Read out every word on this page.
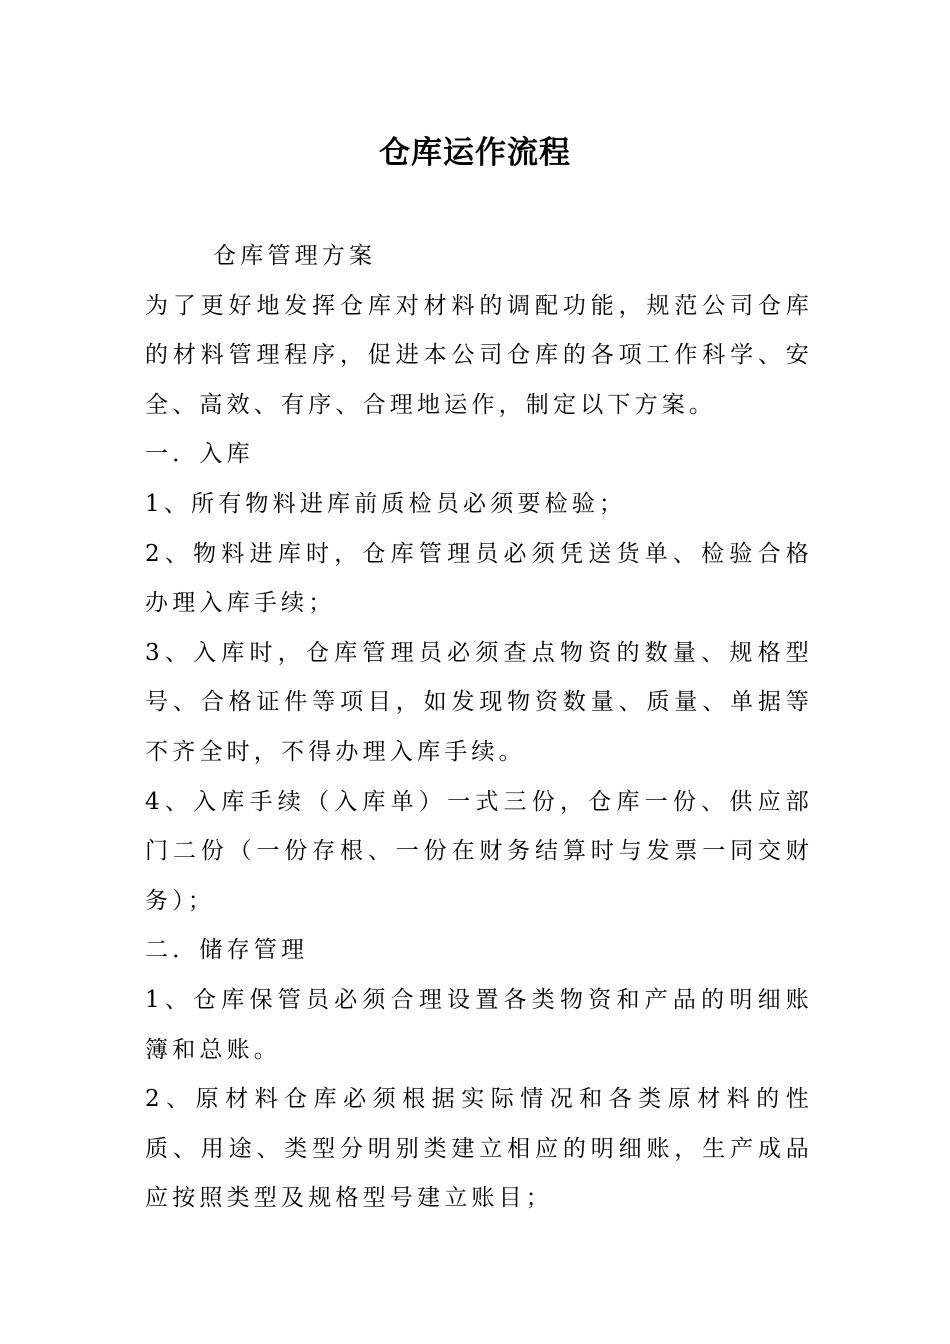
仓库运作流程

仓库管理方案

为了更好地发挥仓库对材料的调配功能，规范公司仓库的材料管理程序，促进本公司仓库的各项工作科学、安全、高效、有序、合理地运作，制定以下方案。

一．入库

1、所有物料进库前质检员必须要检验；

2、物料进库时，仓库管理员必须凭送货单、检验合格办理入库手续；

3、入库时，仓库管理员必须查点物资的数量、规格型号、合格证件等项目，如发现物资数量、质量、单据等不齐全时，不得办理入库手续。

4、入库手续（入库单）一式三份，仓库一份、供应部门二份（一份存根、一份在财务结算时与发票一同交财务）；

二．储存管理

1、仓库保管员必须合理设置各类物资和产品的明细账簿和总账。

2、原材料仓库必须根据实际情况和各类原材料的性质、用途、类型分明别类建立相应的明细账，生产成品应按照类型及规格型号建立账目；
